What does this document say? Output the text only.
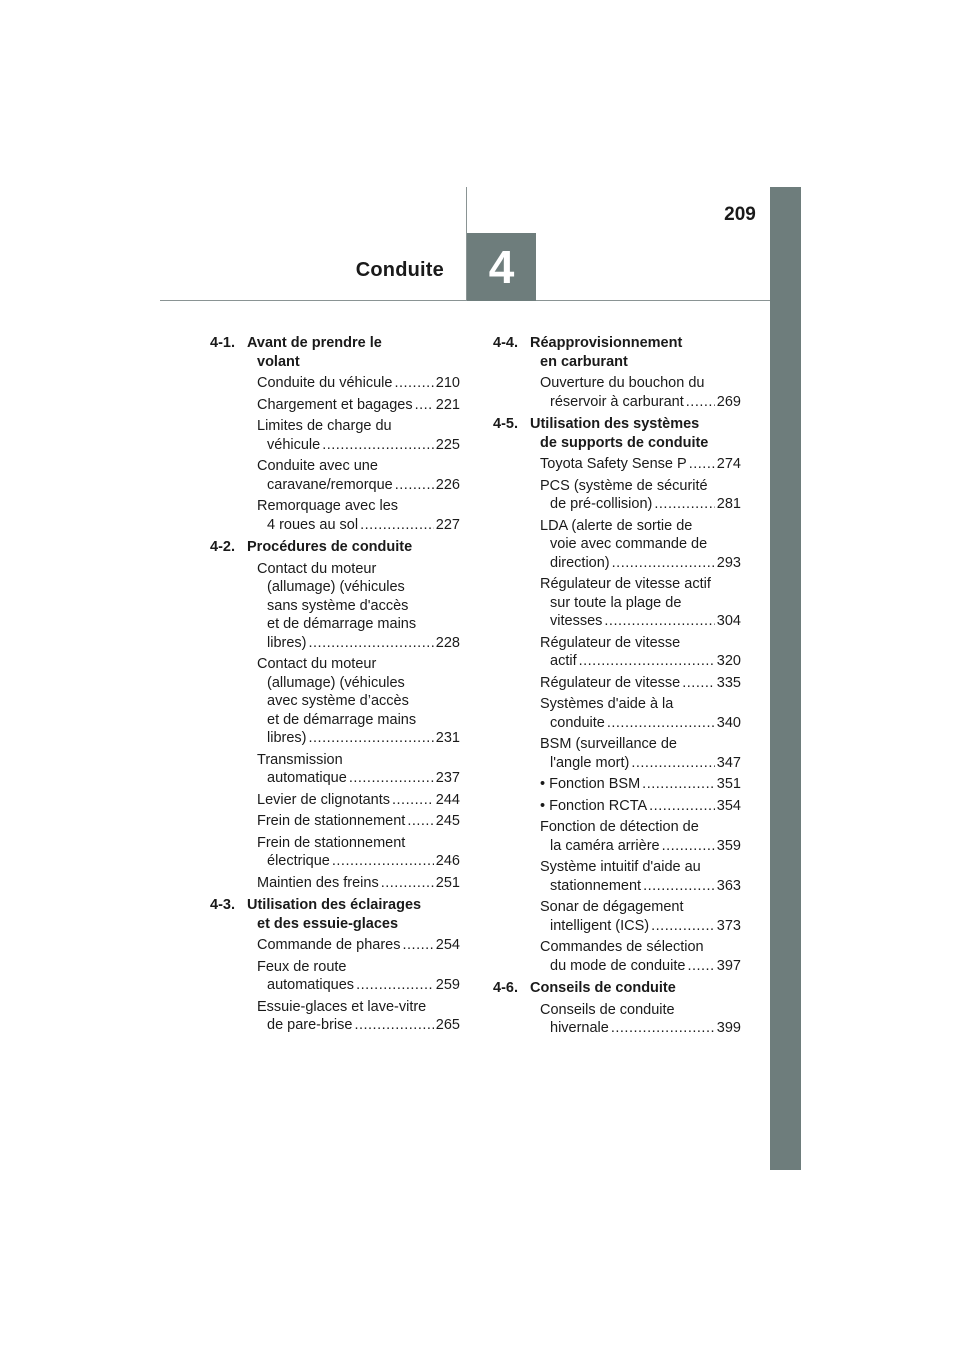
209
Conduite 4
4-1. Avant de prendre le
volant
Conduite du véhicule .....	210
Chargement et bagages ..... 221
Limites de charge du
véhicule .....	225
Conduite avec une
caravane/remorque .....	226
Remorquage avec les
4 roues au sol .....	227
4-2. Procédures de conduite
Contact du moteur
(allumage) (véhicules
sans système d'accès
et de démarrage mains
libres) .....	228
Contact du moteur
(allumage) (véhicules
avec système d’accès
et de démarrage mains
libres) .....	231
Transmission
automatique .....	237
Levier de clignotants .....	244
Frein de stationnement ..... 245
Frein de stationnement
électrique .....	246
Maintien des freins .....	251
4-3. Utilisation des éclairages
et des essuie-glaces
Commande de phares ..... 254
Feux de route
automatiques .....	259
Essuie-glaces et lave-vitre
de pare-brise .....	265
4-4. Réapprovisionnement
en carburant
Ouverture du bouchon du
réservoir à carburant ..... 269
4-5. Utilisation des systèmes
de supports de conduite
Toyota Safety Sense P ..... 274
PCS (système de sécurité
de pré-collision) .....	281
LDA (alerte de sortie de
voie avec commande de
direction) .....	293
Régulateur de vitesse actif
sur toute la plage de
vitesses .....	304
Régulateur de vitesse
actif .....	320
Régulateur de vitesse .....	335
Systèmes d'aide à la
conduite .....	340
BSM (surveillance de
l'angle mort) .....	347
• Fonction BSM .....	351
• Fonction RCTA .....	354
Fonction de détection de
la caméra arrière .....	359
Système intuitif d'aide au
stationnement .....	363
Sonar de dégagement
intelligent (ICS) .....	373
Commandes de sélection
du mode de conduite ..... 397
4-6. Conseils de conduite
Conseils de conduite
hivernale .....	399
